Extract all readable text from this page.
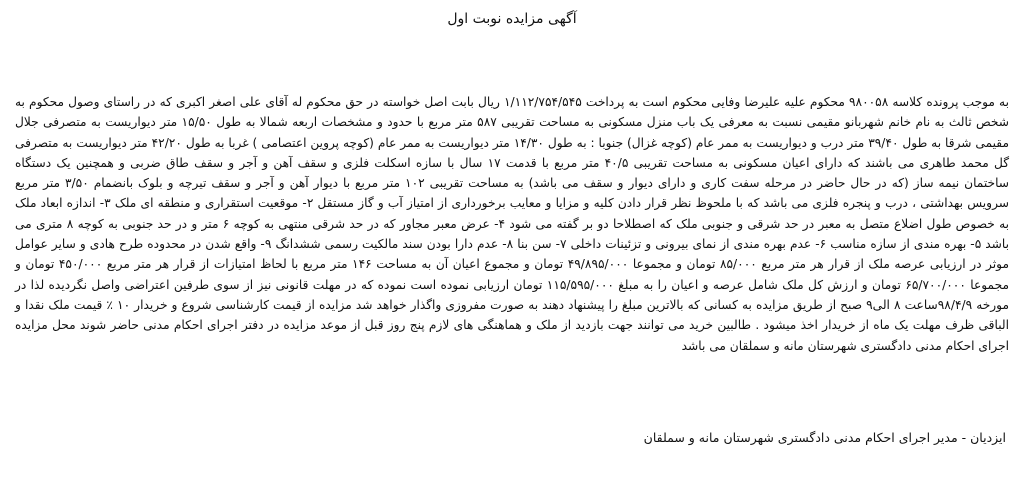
آگهی مزایده نوبت اول

به موجب پرونده کلاسه ۹۸۰۰۵۸ محکوم علیه علیرضا وفایی محکوم است به پرداخت ۱/۱۱۲/۷۵۴/۵۴۵ ریال بابت اصل خواسته در حق محکوم له آقای علی اصغر اکبری که در راستای وصول محکوم به شخص ثالث به نام خانم شهربانو مقیمی نسبت به معرفی یک باب منزل مسکونی به مساحت تقریبی ۵۸۷ متر مربع با حدود و مشخصات اربعه شمالا به طول ۱۵/۵۰ متر دیواریست به متصرفی جلال مقیمی شرقا به طول ۳۹/۴۰ متر درب و دیواریست به ممر عام (کوچه غزال) جنوبا : به طول ۱۴/۳۰ متر دیواریست به ممر عام (کوچه پروین اعتصامی ) غربا به طول ۴۲/۲۰ متر دیواریست به متصرفی گل محمد طاهری می باشند که دارای اعیان مسکونی به مساحت تقریبی ۴۰/۵ متر مربع با قدمت ۱۷ سال با سازه اسکلت فلزی و سقف آهن و آجر و سقف طاق ضربی و همچنین یک دستگاه ساختمان نیمه ساز (که در حال حاضر در مرحله سفت کاری و دارای دیوار و سقف می باشد) به مساحت تقریبی ۱۰۲ متر مربع با دیوار آهن و آجر و سقف تیرچه و بلوک بانضمام ۳/۵۰ متر مربع سرویس بهداشتی ، درب و پنجره فلزی می باشد که با ملحوظ نظر قرار دادن کلیه و مزایا و معایب برخورداری از امتیاز آب و گاز مستقل ۲- موقعیت استقراری و منطقه ای ملک ۳- اندازه ابعاد ملک به خصوص طول اضلاع متصل به معبر در حد شرقی و جنوبی ملک که اصطلاحا دو بر گفته می شود ۴- عرض معبر مجاور که در حد شرقی منتهی به کوچه ۶ متر و در حد جنوبی به کوچه ۸ متری می باشد ۵- بهره مندی از سازه مناسب ۶- عدم بهره مندی از نمای بیرونی و تزئینات داخلی ۷- سن بنا ۸- عدم دارا بودن سند مالکیت رسمی ششدانگ ۹- واقع شدن در محدوده طرح هادی و سایر عوامل موثر در ارزیابی عرصه ملک از قرار هر متر مربع ۸۵/۰۰۰ تومان و مجموعا ۴۹/۸۹۵/۰۰۰ تومان و مجموع اعیان آن به مساحت ۱۴۶ متر مربع با لحاظ امتیازات از قرار هر متر مربع ۴۵۰/۰۰۰ تومان و مجموعا ۶۵/۷۰۰/۰۰۰ تومان و ارزش کل ملک شامل عرصه و اعیان را به مبلغ ۱۱۵/۵۹۵/۰۰۰ تومان ارزیابی نموده است نموده که در مهلت قانونی نیز از سوی طرفین اعتراضی واصل نگردیده لذا در مورخه ۹۸/۴/۹ساعت ۸ الی۹ صبح از طریق مزایده به کسانی که بالاترین مبلغ را پیشنهاد دهند به صورت مفروزی واگذار خواهد شد مزایده از قیمت کارشناسی شروع و خریدار ۱۰ ٪ قیمت ملک نقدا و الباقی ظرف مهلت یک ماه از خریدار اخذ میشود . طالبین خرید می توانند جهت بازدید از ملک و هماهنگی های لازم پنج روز قبل از موعد مزایده در دفتر اجرای احکام مدنی حاضر شوند محل مزایده اجرای احکام مدنی دادگستری شهرستان مانه و سملقان می باشد

ایزدیان - مدیر اجرای احکام مدنی دادگستری شهرستان مانه و سملقان
